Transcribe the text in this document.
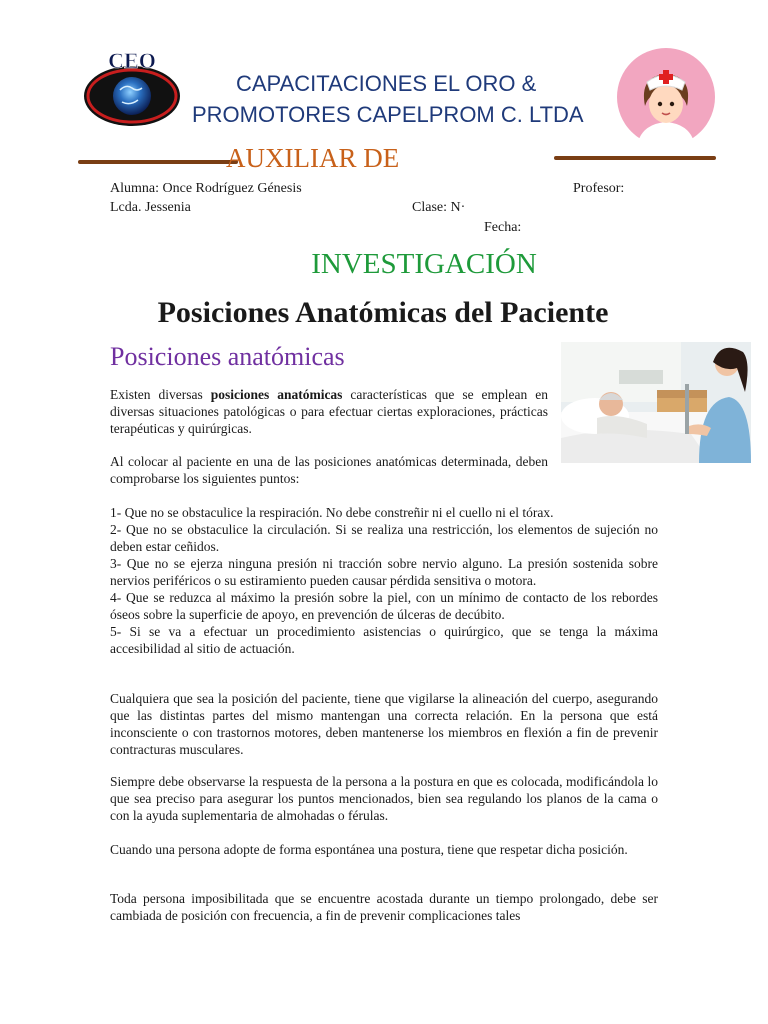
CEO
CAPACITACIONES EL ORO &
PROMOTORES CAPELPROM C. LTDA
AUXILIAR DE
Alumna: Once Rodríguez Génesis	Profesor:
Lcda. Jessenia	Clase: N·
Fecha:
INVESTIGACIÓN
Posiciones Anatómicas del Paciente
Posiciones anatómicas

Existen diversas posiciones anatómicas características que se emplean en diversas situaciones patológicas o para efectuar ciertas exploraciones, prácticas terapéuticas y quirúrgicas.

Al colocar al paciente en una de las posiciones anatómicas determinada, deben comprobarse los siguientes puntos:

1- Que no se obstaculice la respiración. No debe constreñir ni el cuello ni el tórax.
2- Que no se obstaculice la circulación. Si se realiza una restricción, los elementos de sujeción no deben estar ceñidos.
3- Que no se ejerza ninguna presión ni tracción sobre nervio alguno. La presión sostenida sobre nervios periféricos o su estiramiento pueden causar pérdida sensitiva o motora.
4- Que se reduzca al máximo la presión sobre la piel, con un mínimo de contacto de los rebordes óseos sobre la superficie de apoyo, en prevención de úlceras de decúbito.
5- Si se va a efectuar un procedimiento asistencias o quirúrgico, que se tenga la máxima accesibilidad al sitio de actuación.

Cualquiera que sea la posición del paciente, tiene que vigilarse la alineación del cuerpo, asegurando que las distintas partes del mismo mantengan una correcta relación. En la persona que está inconsciente o con trastornos motores, deben mantenerse los miembros en flexión a fin de prevenir contracturas musculares.

Siempre debe observarse la respuesta de la persona a la postura en que es colocada, modificándola lo que sea preciso para asegurar los puntos mencionados, bien sea regulando los planos de la cama o con la ayuda suplementaria de almohadas o férulas.

Cuando una persona adopte de forma espontánea una postura, tiene que respetar dicha posición.

Toda persona imposibilitada que se encuentre acostada durante un tiempo prolongado, debe ser cambiada de posición con frecuencia, a fin de prevenir complicaciones tales
